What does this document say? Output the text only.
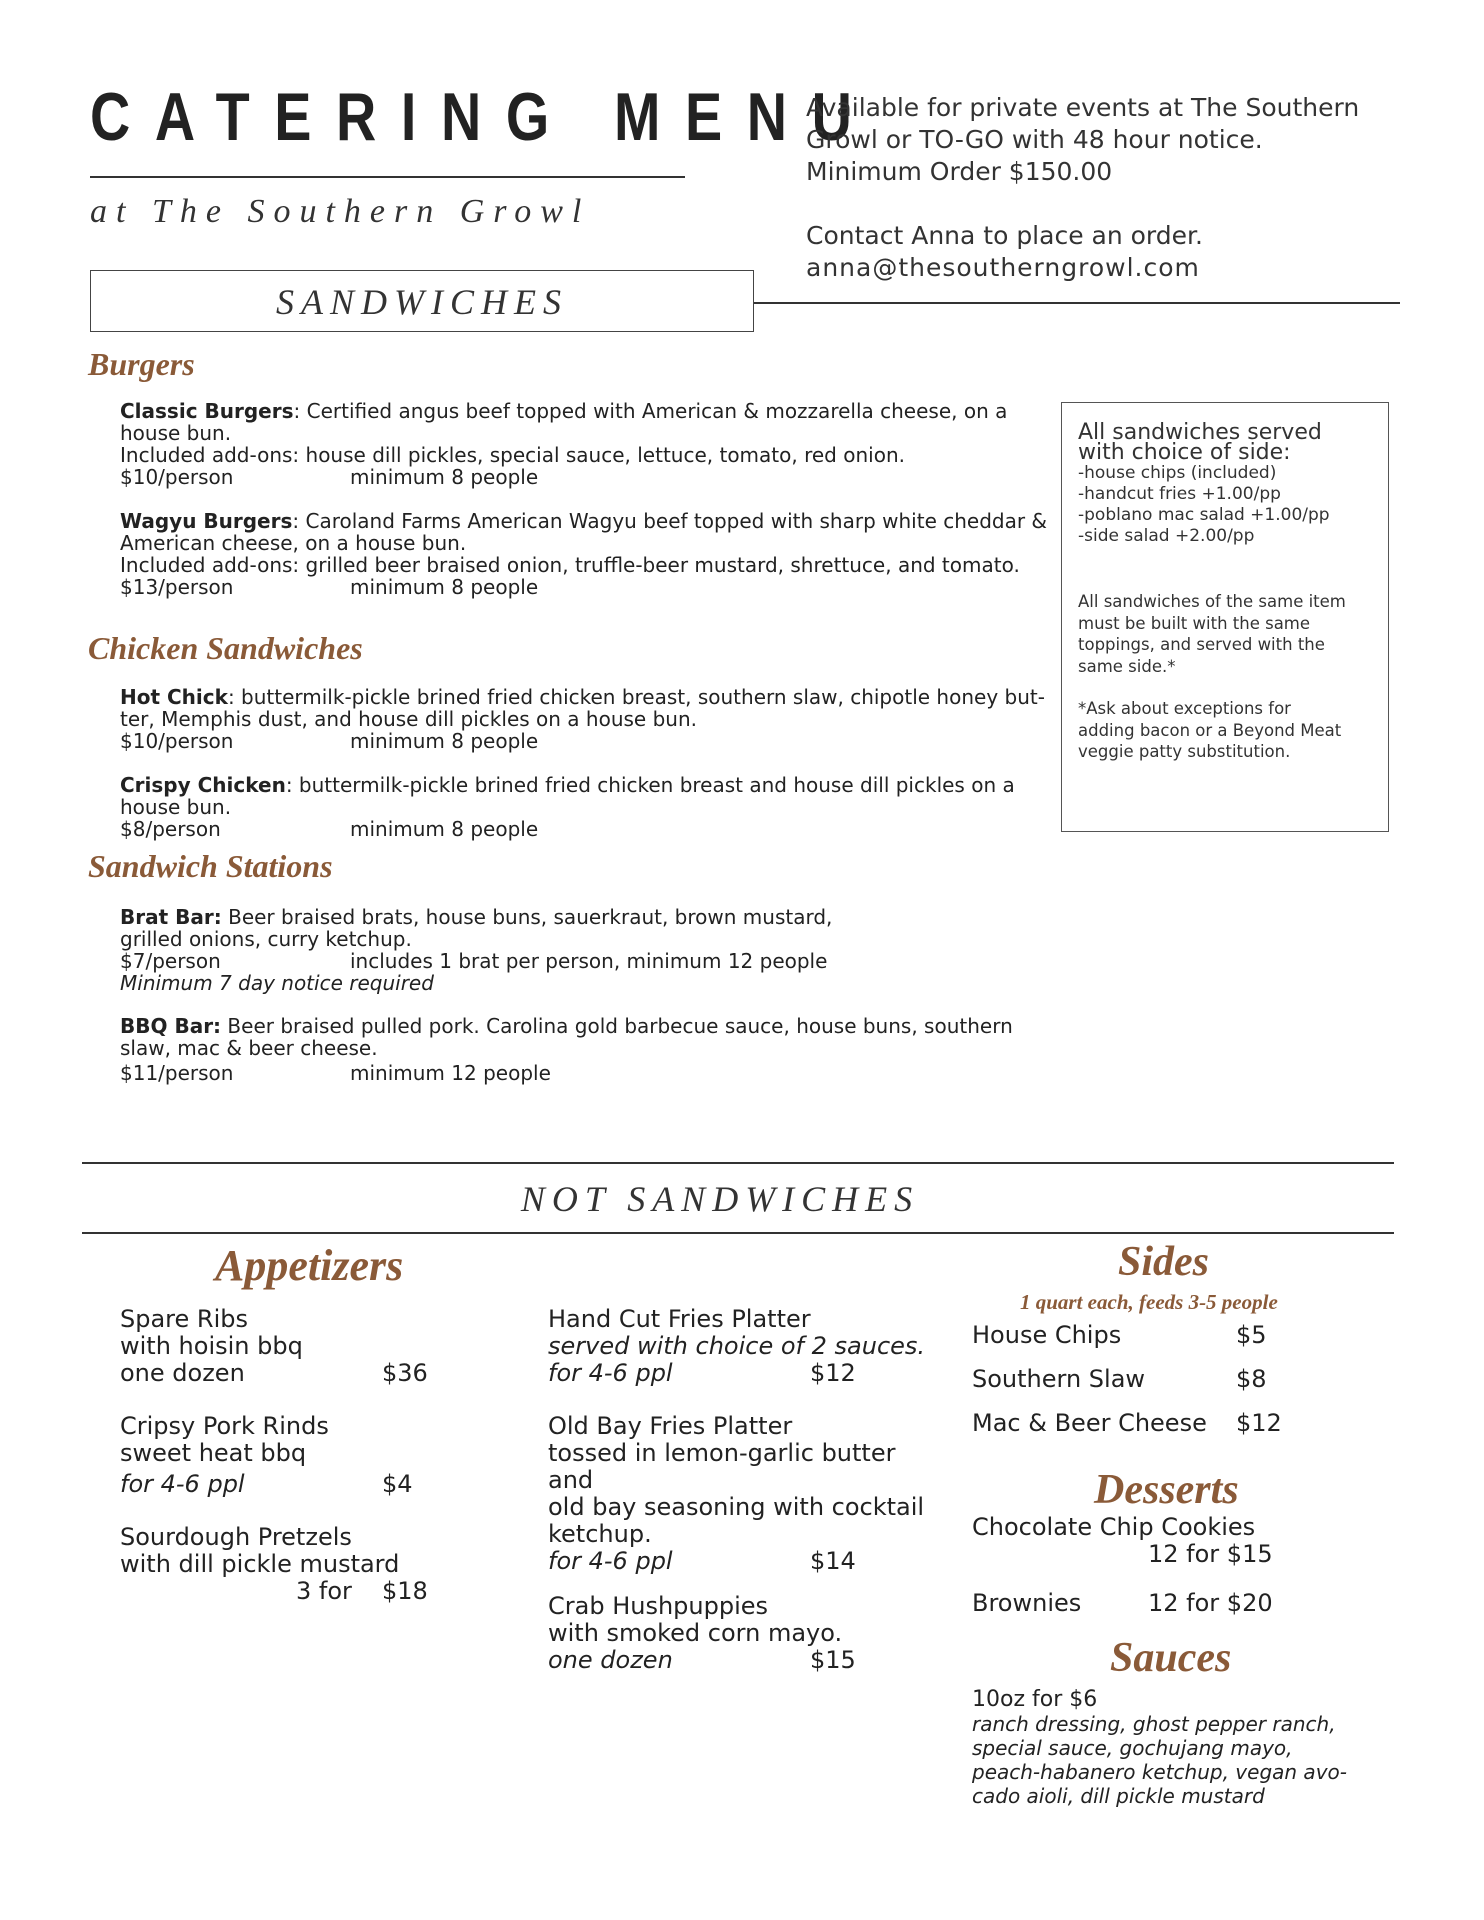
CATERING MENU
at The Southern Growl
SANDWICHES
Available for private events at The Southern
Growl or TO-GO with 48 hour notice.
Minimum Order $150.00
Contact Anna to place an order.
anna@thesoutherngrowl.com
Burgers
Classic Burgers: Certified angus beef topped with American & mozzarella cheese, on a
house bun.
Included add-ons: house dill pickles, special sauce, lettuce, tomato, red onion.
$10/person	minimum 8 people
Wagyu Burgers: Caroland Farms American Wagyu beef topped with sharp white cheddar &
American cheese, on a house bun.
Included add-ons: grilled beer braised onion, truffle-beer mustard, shrettuce, and tomato.
$13/person	minimum 8 people
Chicken Sandwiches
Hot Chick: buttermilk-pickle brined fried chicken breast, southern slaw, chipotle honey but-
ter, Memphis dust, and house dill pickles on a house bun.
$10/person	minimum 8 people
Crispy Chicken: buttermilk-pickle brined fried chicken breast and house dill pickles on a
house bun.
$8/person	minimum 8 people
Sandwich Stations
Brat Bar: Beer braised brats, house buns, sauerkraut, brown mustard,
grilled onions, curry ketchup.
$7/person	includes 1 brat per person, minimum 12 people
Minimum 7 day notice required
BBQ Bar: Beer braised pulled pork. Carolina gold barbecue sauce, house buns, southern
slaw, mac & beer cheese.
$11/person	minimum 12 people
All sandwiches served
with choice of side:
-house chips (included)
-handcut fries +1.00/pp
-poblano mac salad +1.00/pp
-side salad +2.00/pp
All sandwiches of the same item
must be built with the same
toppings, and served with the
same side.*
*Ask about exceptions for
adding bacon or a Beyond Meat
veggie patty substitution.
NOT SANDWICHES
Appetizers
Spare Ribs
with hoisin bbq
one dozen	$36
Cripsy Pork Rinds
sweet heat bbq
for 4-6 ppl	$4
Sourdough Pretzels
with dill pickle mustard
3 for $18
Hand Cut Fries Platter
served with choice of 2 sauces.
for 4-6 ppl	$12
Old Bay Fries Platter
tossed in lemon-garlic butter and
old bay seasoning with cocktail
ketchup.
for 4-6 ppl	$14
Crab Hushpuppies
with smoked corn mayo.
one dozen	$15
Sides
1 quart each, feeds 3-5 people
House Chips	$5
Southern Slaw	$8
Mac & Beer Cheese $12
Desserts
Chocolate Chip Cookies
12 for $15
Brownies	12 for $20
Sauces
10oz for $6
ranch dressing, ghost pepper ranch,
special sauce, gochujang mayo,
peach-habanero ketchup, vegan avo-
cado aioli, dill pickle mustard
